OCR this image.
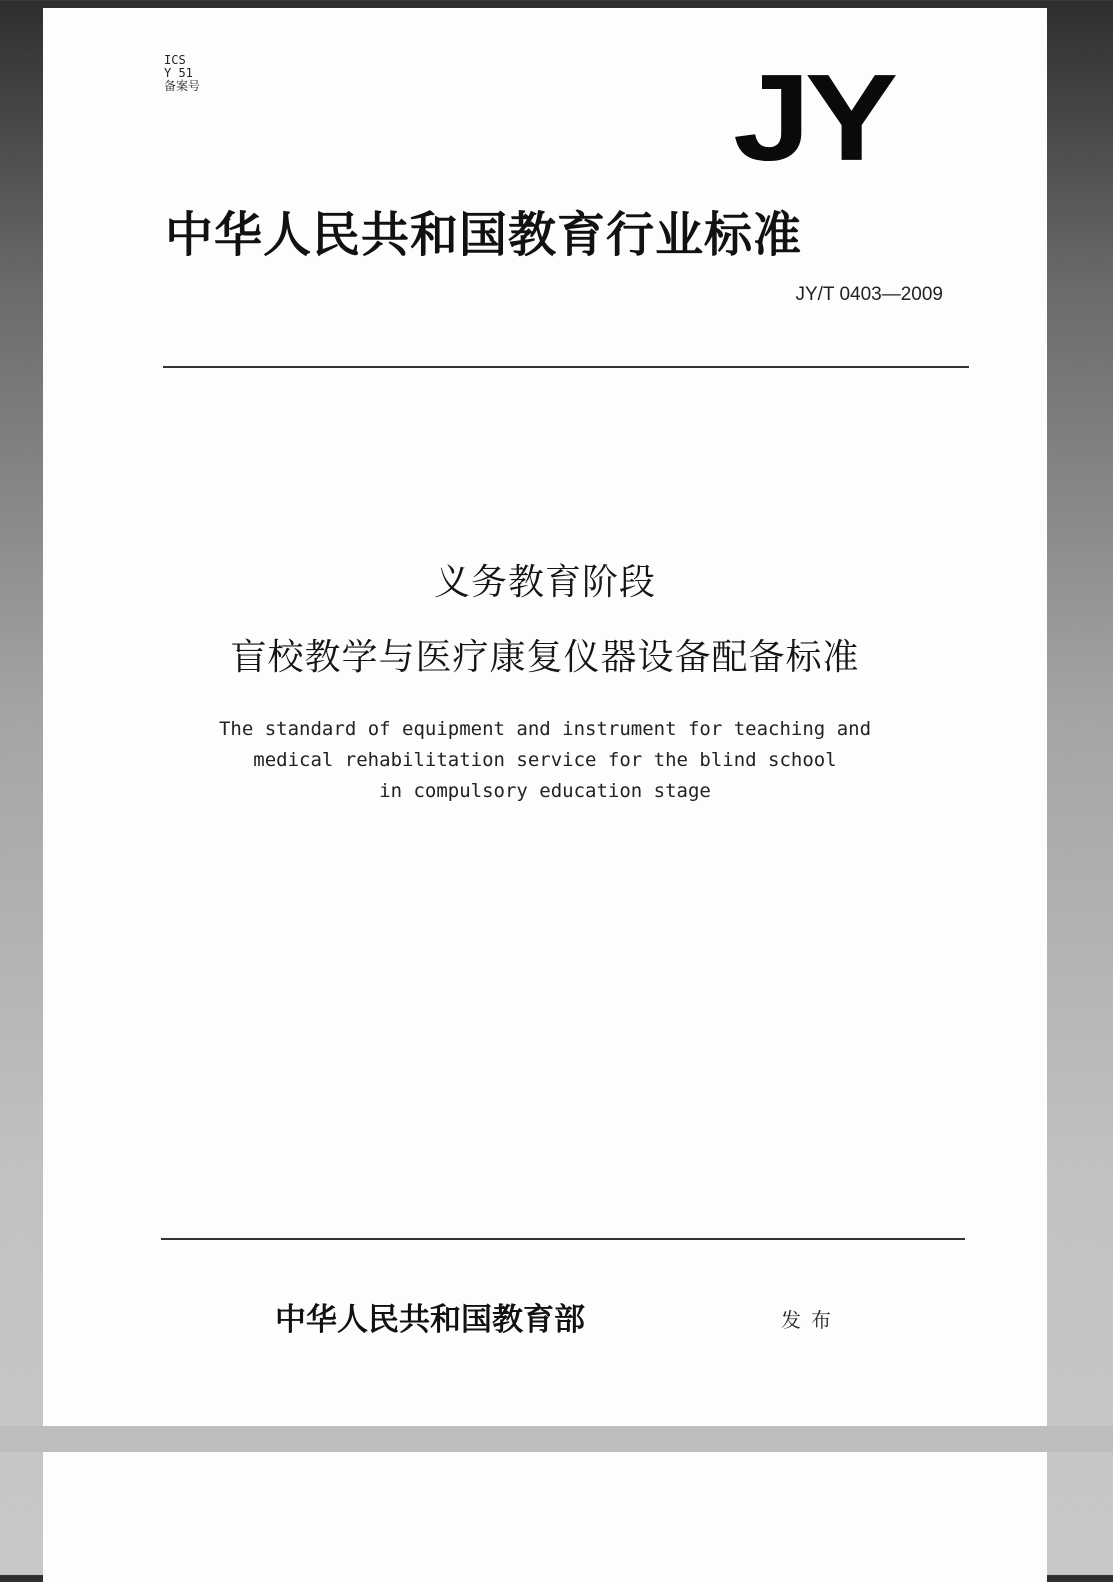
ICS
Y 51
备案号	JY
中华人民共和国教育行业标准
JY/T 0403—2009
义务教育阶段
盲校教学与医疗康复仪器设备配备标准
The standard of equipment and instrument for teaching and
medical rehabilitation service for the blind school
in compulsory education stage
中华人民共和国教育部	发布
